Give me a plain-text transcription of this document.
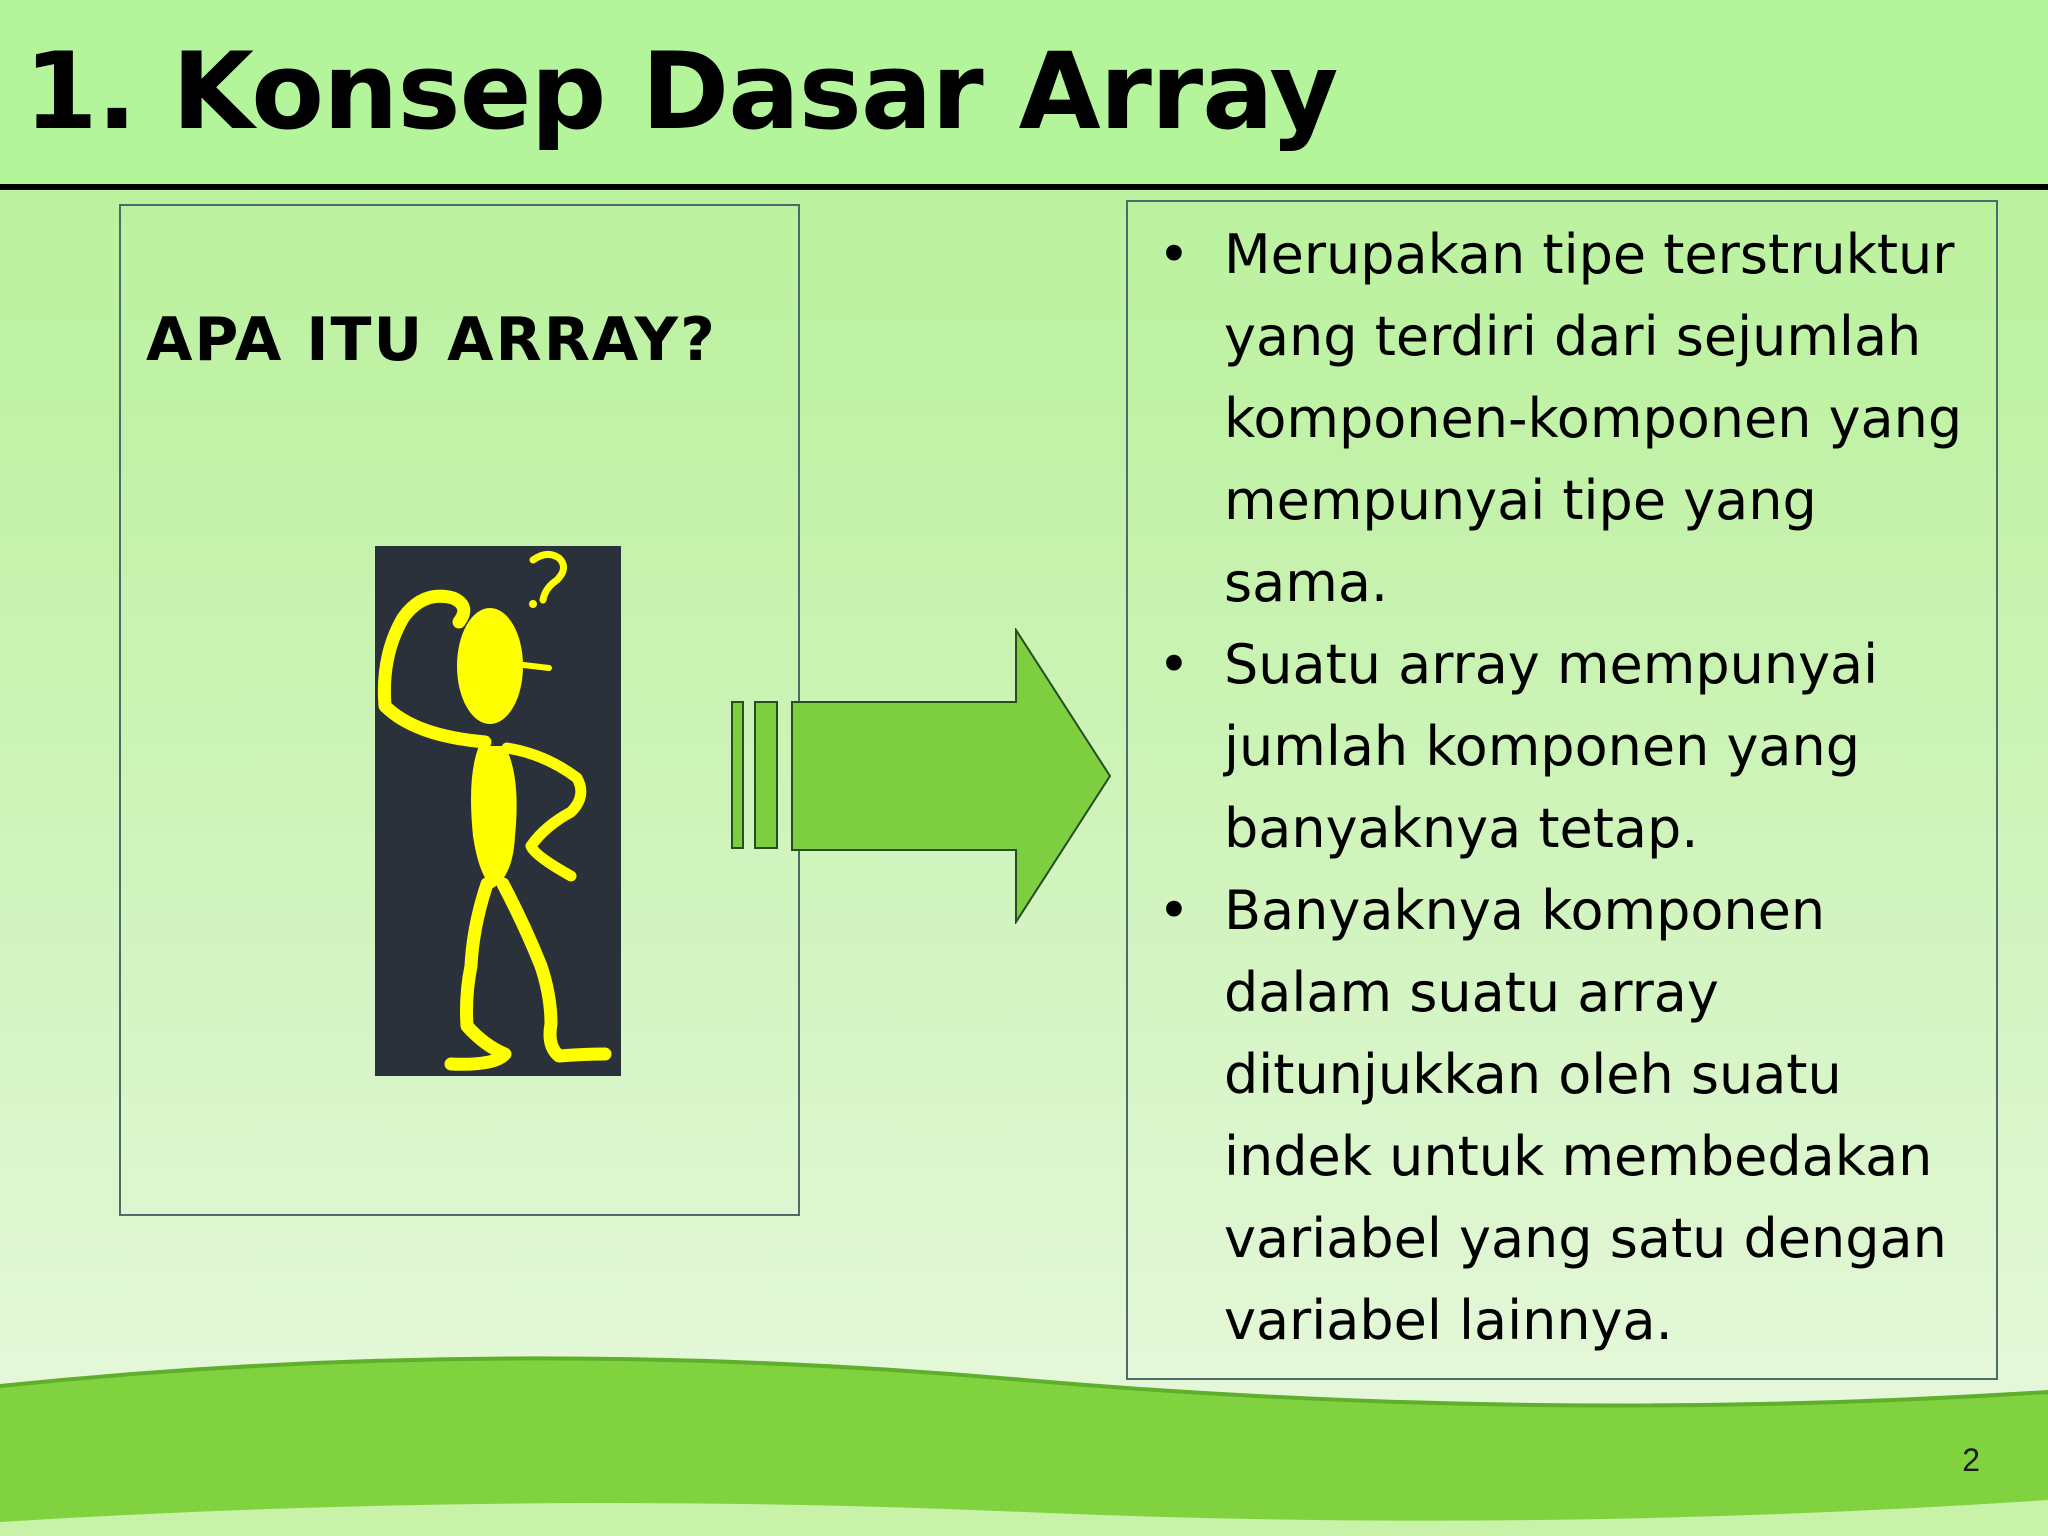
1. Konsep Dasar Array

APA ITU ARRAY?

• Merupakan tipe terstruktur yang terdiri dari sejumlah komponen-komponen yang mempunyai tipe yang sama.
• Suatu array mempunyai jumlah komponen yang banyaknya tetap.
• Banyaknya komponen dalam suatu array ditunjukkan oleh suatu indek untuk membedakan variabel yang satu dengan variabel lainnya.
2
